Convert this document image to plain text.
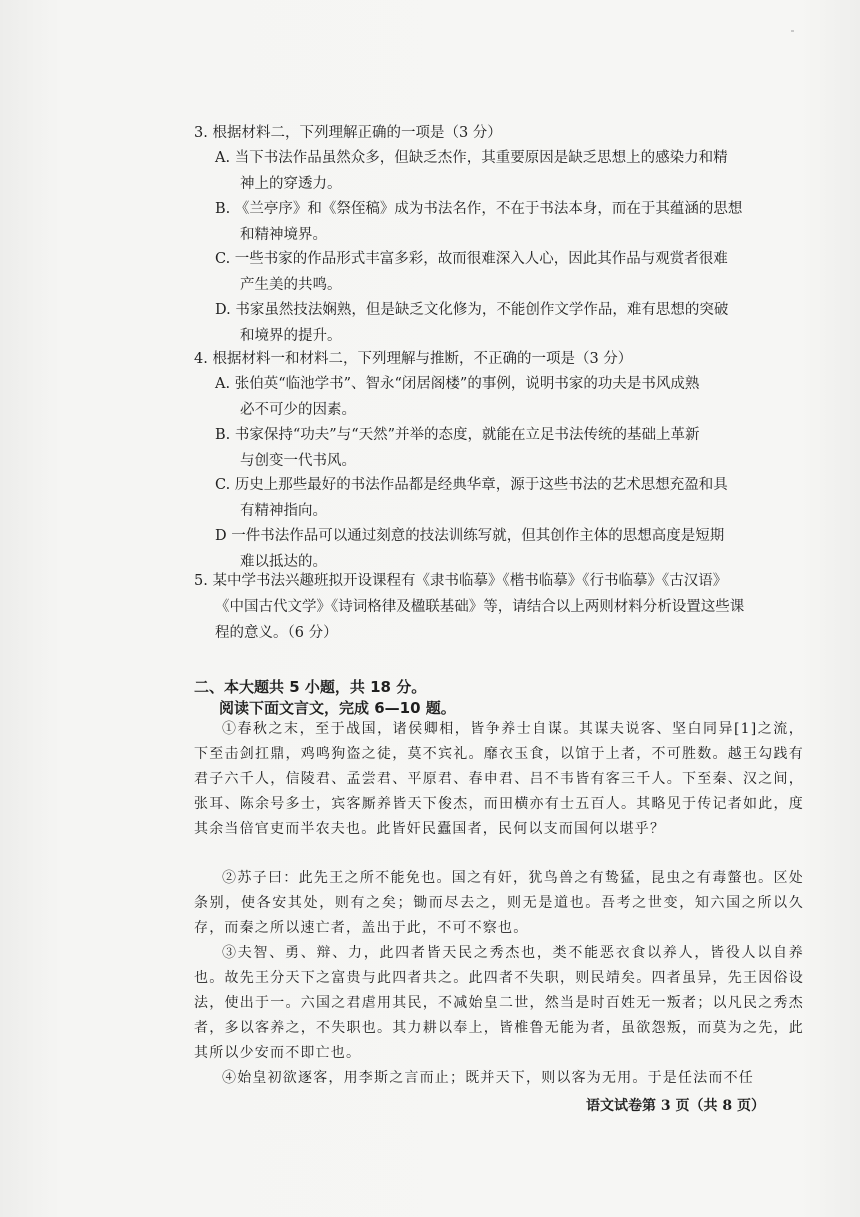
3. 根据材料二，下列理解正确的一项是（3 分）
A. 当下书法作品虽然众多，但缺乏杰作，其重要原因是缺乏思想上的感染力和精
神上的穿透力。
B. 《兰亭序》和《祭侄稿》成为书法名作，不在于书法本身，而在于其蕴涵的思想
和精神境界。
C. 一些书家的作品形式丰富多彩，故而很难深入人心，因此其作品与观赏者很难
产生美的共鸣。
D. 书家虽然技法娴熟，但是缺乏文化修为，不能创作文学作品，难有思想的突破
和境界的提升。
4. 根据材料一和材料二，下列理解与推断，不正确的一项是（3 分）
A. 张伯英“临池学书”、智永“闭居阁楼”的事例，说明书家的功夫是书风成熟
必不可少的因素。
B. 书家保持“功夫”与“天然”并举的态度，就能在立足书法传统的基础上革新
与创变一代书风。
C. 历史上那些最好的书法作品都是经典华章，源于这些书法的艺术思想充盈和具
有精神指向。
D 一件书法作品可以通过刻意的技法训练写就，但其创作主体的思想高度是短期
难以抵达的。
5. 某中学书法兴趣班拟开设课程有《隶书临摹》《楷书临摹》《行书临摹》《古汉语》
《中国古代文学》《诗词格律及楹联基础》等，请结合以上两则材料分析设置这些课
程的意义。（6 分）
二、本大题共 5 小题，共 18 分。
阅读下面文言文，完成 6—10 题。
①春秋之末，至于战国，诸侯卿相，皆争养士自谋。其谋夫说客、坚白同异[1]之流，下至击剑扛鼎，鸡鸣狗盗之徒，莫不宾礼。靡衣玉食，以馆于上者，不可胜数。越王勾践有君子六千人，信陵君、孟尝君、平原君、春申君、吕不韦皆有客三千人。下至秦、汉之间，张耳、陈余号多士，宾客厮养皆天下俊杰，而田横亦有士五百人。其略见于传记者如此，度其余当倍官吏而半农夫也。此皆奸民蠹国者，民何以支而国何以堪乎？
②苏子曰：此先王之所不能免也。国之有奸，犹鸟兽之有鸷猛，昆虫之有毒螫也。区处条别，使各安其处，则有之矣；锄而尽去之，则无是道也。吾考之世变，知六国之所以久存，而秦之所以速亡者，盖出于此，不可不察也。
③夫智、勇、辩、力，此四者皆天民之秀杰也，类不能恶衣食以养人，皆役人以自养也。故先王分天下之富贵与此四者共之。此四者不失职，则民靖矣。四者虽异，先王因俗设法，使出于一。六国之君虐用其民，不减始皇二世，然当是时百姓无一叛者；以凡民之秀杰者，多以客养之，不失职也。其力耕以奉上，皆椎鲁无能为者，虽欲怨叛，而莫为之先，此其所以少安而不即亡也。
④始皇初欲逐客，用李斯之言而止；既并天下，则以客为无用。于是任法而不任
语文试卷第 3 页（共 8 页）
